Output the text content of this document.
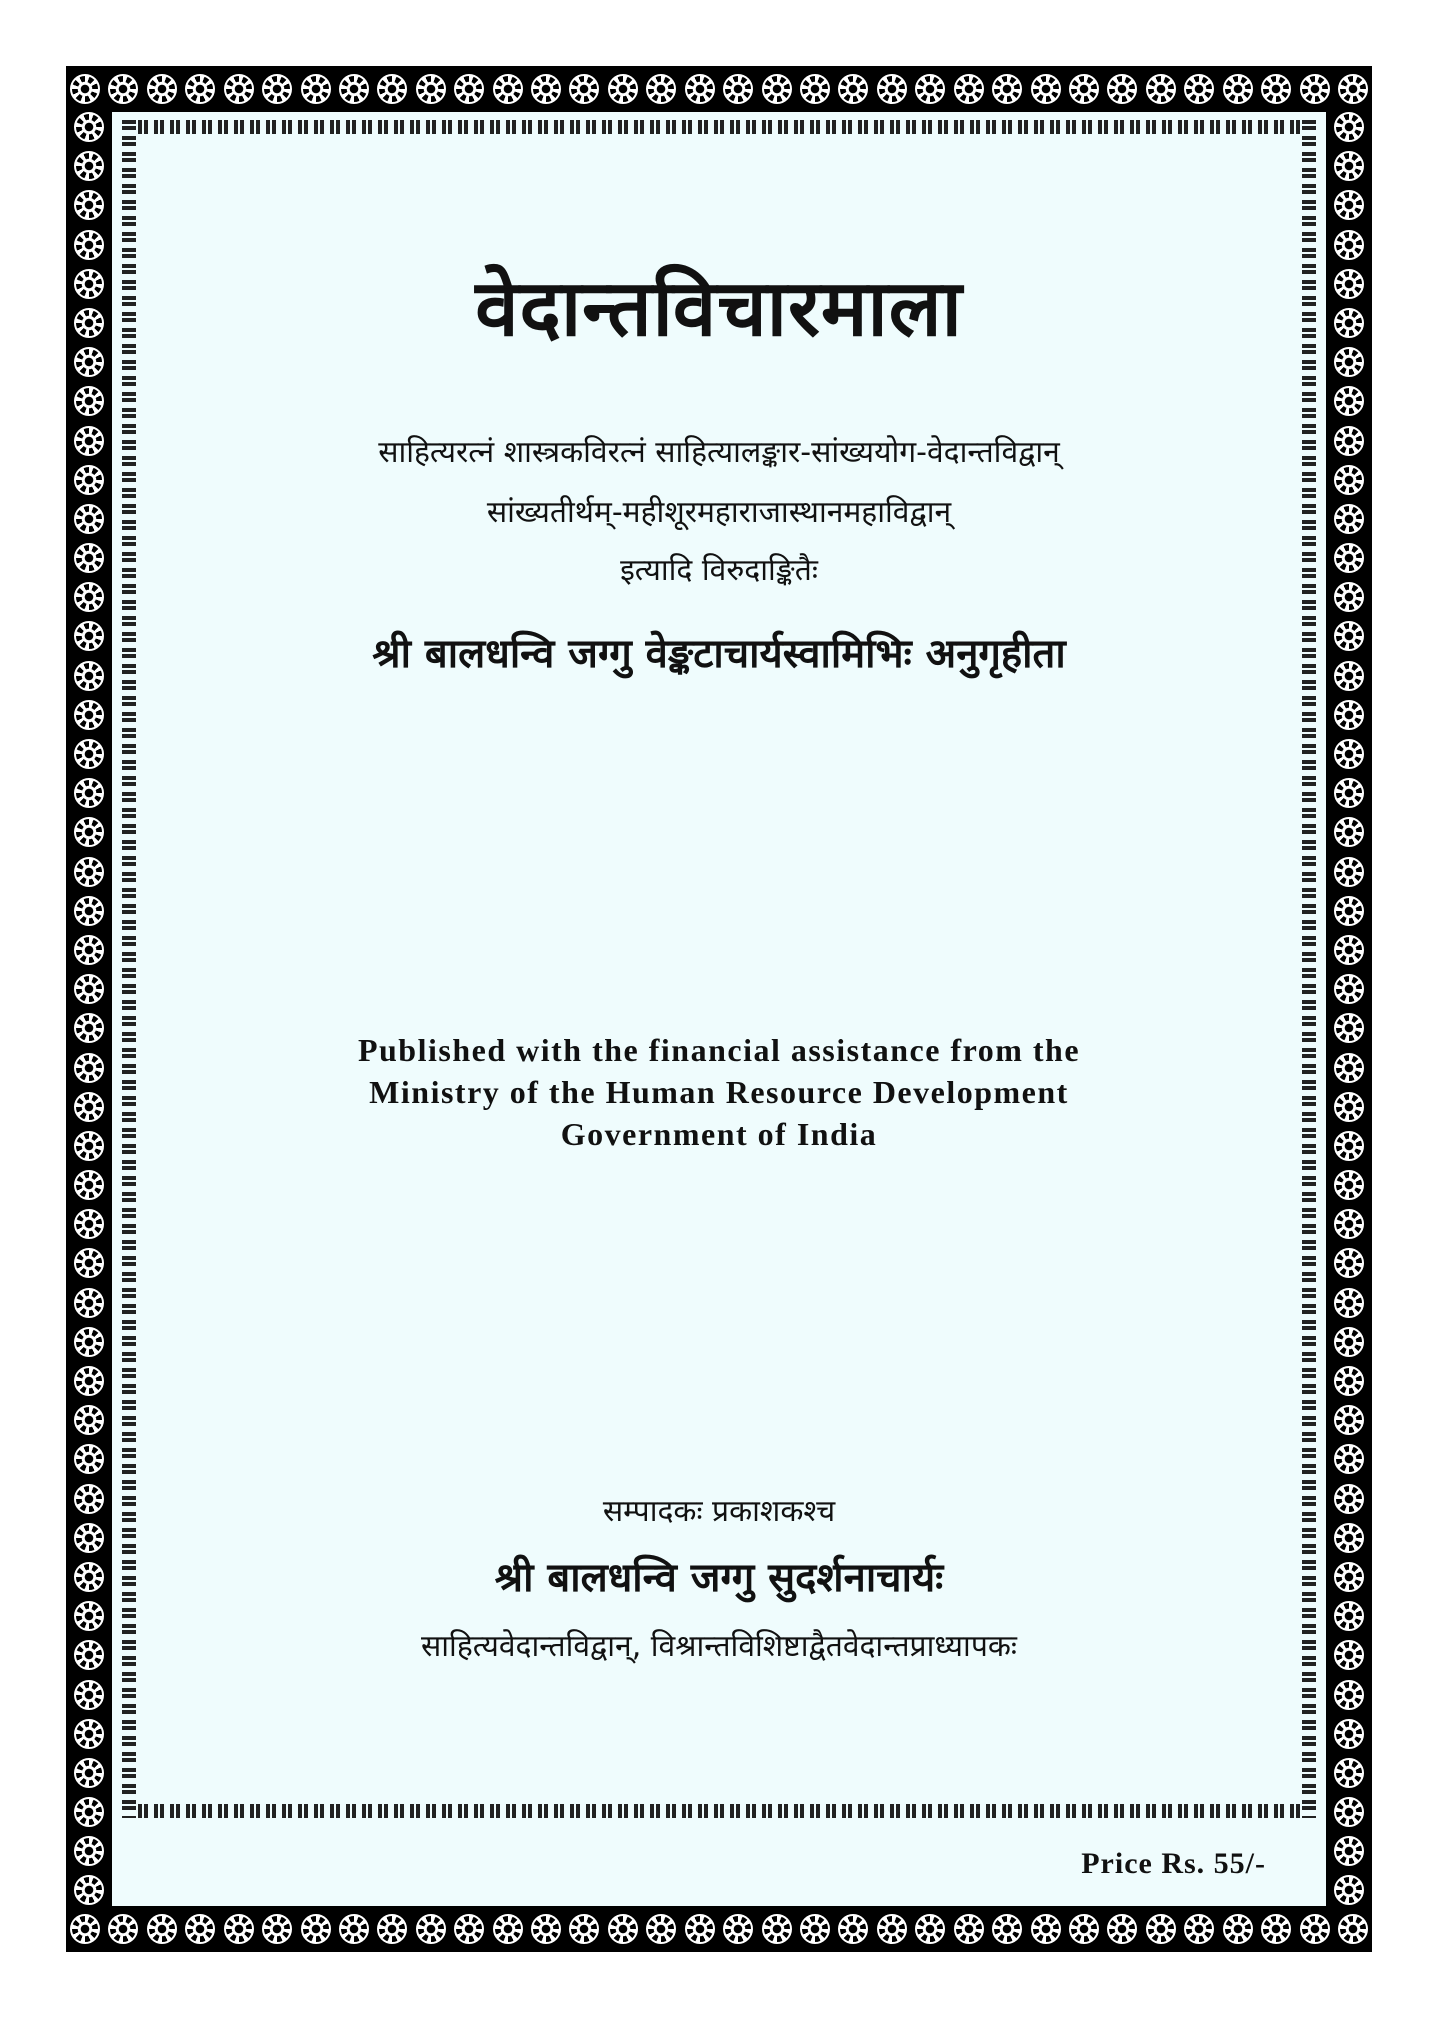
वेदान्तविचारमाला
साहित्यरत्नं शास्त्रकविरत्नं साहित्यालङ्कार-सांख्ययोग-वेदान्तविद्वान्
सांख्यतीर्थम्-महीशूरमहाराजास्थानमहाविद्वान्
इत्यादि विरुदाङ्कितैः
श्री बालधन्वि जग्गु वेङ्कटाचार्यस्वामिभिः अनुगृहीता
Published with the financial assistance from the
Ministry of the Human Resource Development
Government of India
सम्पादकः प्रकाशकश्च
श्री बालधन्वि जग्गु सुदर्शनाचार्यः
साहित्यवेदान्तविद्वान्, विश्रान्तविशिष्टाद्वैतवेदान्तप्राध्यापकः
Price Rs. 55/-
